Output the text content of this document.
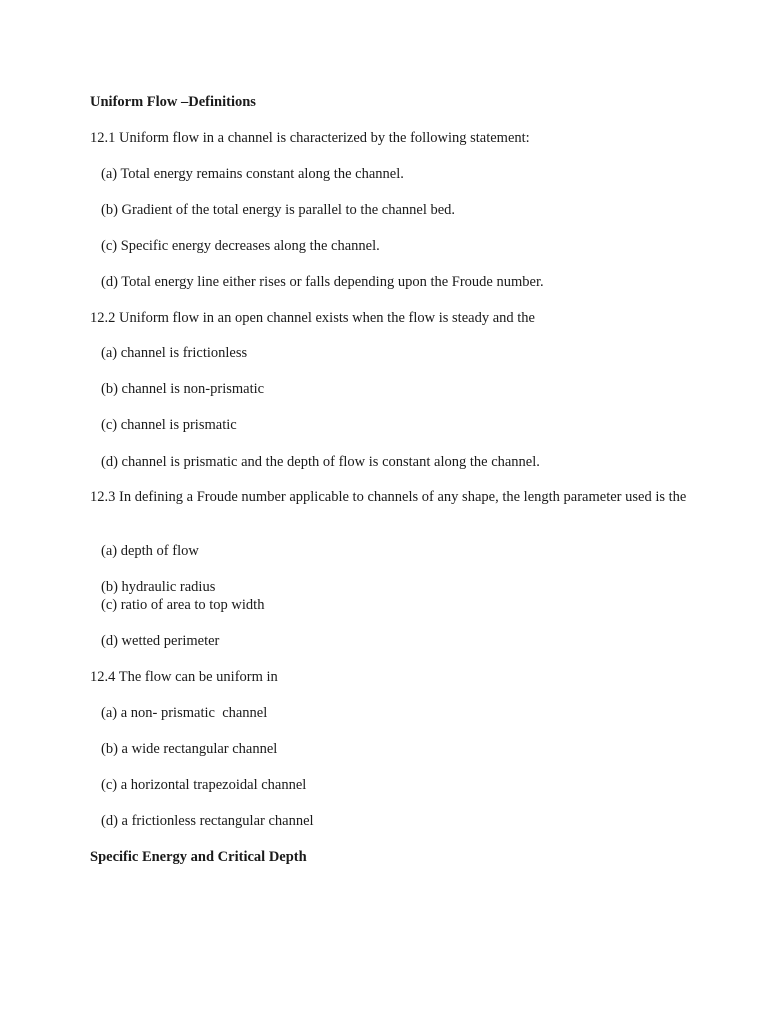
Uniform Flow –Definitions
12.1 Uniform flow in a channel is characterized by the following statement:
(a) Total energy remains constant along the channel.
(b) Gradient of the total energy is parallel to the channel bed.
(c) Specific energy decreases along the channel.
(d) Total energy line either rises or falls depending upon the Froude number.
12.2 Uniform flow in an open channel exists when the flow is steady and the
(a) channel is frictionless
(b) channel is non-prismatic
(c) channel is prismatic
(d) channel is prismatic and the depth of flow is constant along the channel.
12.3 In defining a Froude number applicable to channels of any shape, the length parameter used is the
(a) depth of flow
(b) hydraulic radius
(c) ratio of area to top width
(d) wetted perimeter
12.4 The flow can be uniform in
(a) a non- prismatic  channel
(b) a wide rectangular channel
(c) a horizontal trapezoidal channel
(d) a frictionless rectangular channel
Specific Energy and Critical Depth
